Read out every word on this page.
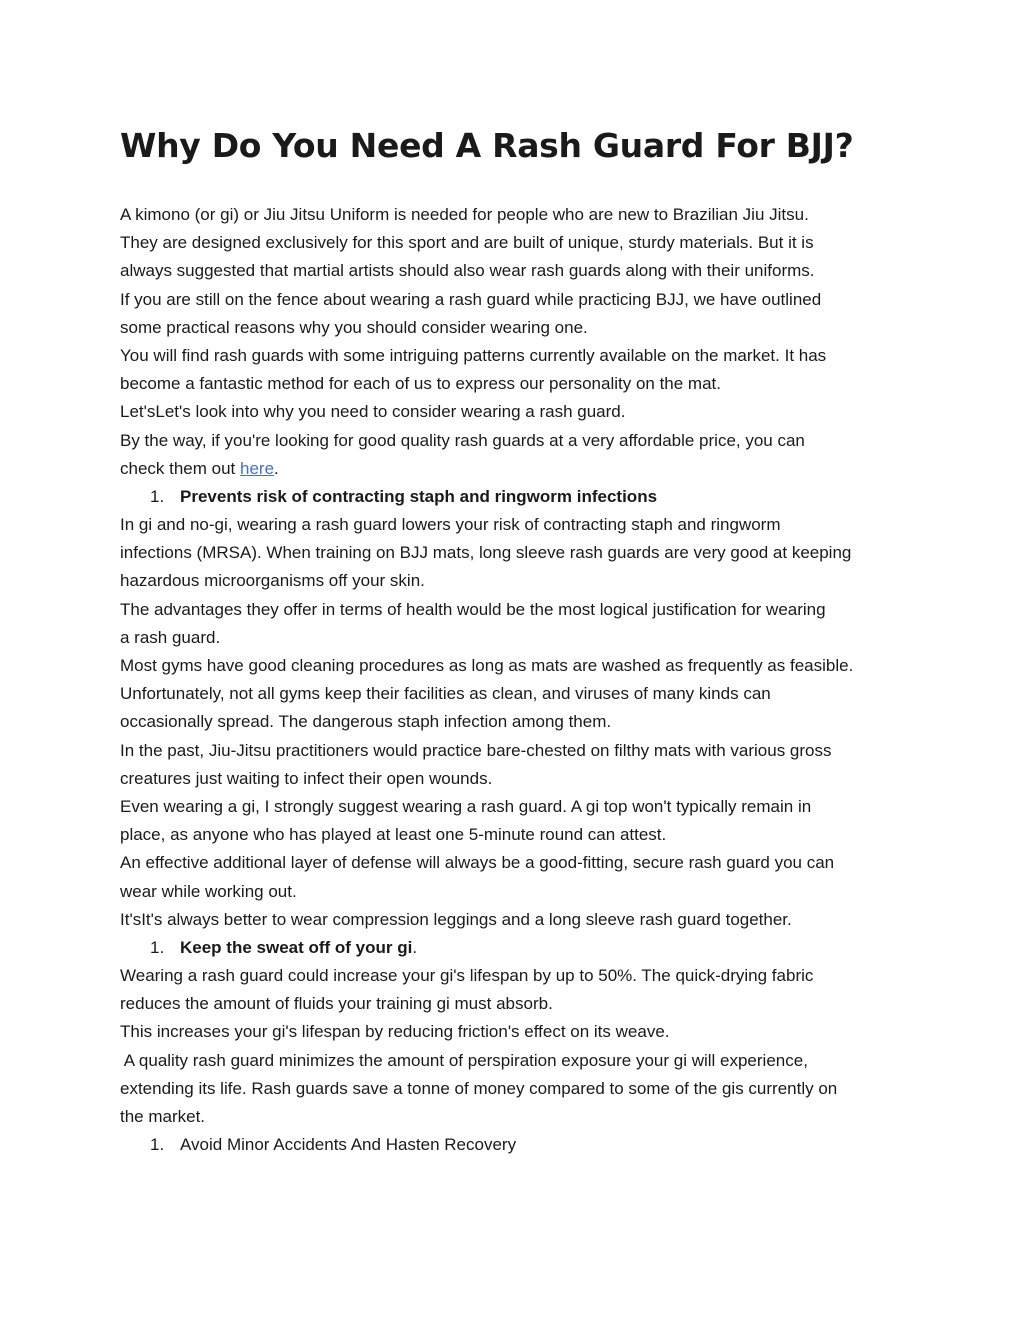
Why Do You Need A Rash Guard For BJJ?
A kimono (or gi) or Jiu Jitsu Uniform is needed for people who are new to Brazilian Jiu Jitsu.
They are designed exclusively for this sport and are built of unique, sturdy materials. But it is
always suggested that martial artists should also wear rash guards along with their uniforms.
If you are still on the fence about wearing a rash guard while practicing BJJ, we have outlined
some practical reasons why you should consider wearing one.
You will find rash guards with some intriguing patterns currently available on the market. It has
become a fantastic method for each of us to express our personality on the mat.
Let'sLet's look into why you need to consider wearing a rash guard.
By the way, if you're looking for good quality rash guards at a very affordable price, you can
check them out here.
1. Prevents risk of contracting staph and ringworm infections
In gi and no-gi, wearing a rash guard lowers your risk of contracting staph and ringworm
infections (MRSA). When training on BJJ mats, long sleeve rash guards are very good at keeping
hazardous microorganisms off your skin.
The advantages they offer in terms of health would be the most logical justification for wearing
a rash guard.
Most gyms have good cleaning procedures as long as mats are washed as frequently as feasible.
Unfortunately, not all gyms keep their facilities as clean, and viruses of many kinds can
occasionally spread. The dangerous staph infection among them.
In the past, Jiu-Jitsu practitioners would practice bare-chested on filthy mats with various gross
creatures just waiting to infect their open wounds.
Even wearing a gi, I strongly suggest wearing a rash guard. A gi top won't typically remain in
place, as anyone who has played at least one 5-minute round can attest.
An effective additional layer of defense will always be a good-fitting, secure rash guard you can
wear while working out.
It'sIt's always better to wear compression leggings and a long sleeve rash guard together.
1. Keep the sweat off of your gi.
Wearing a rash guard could increase your gi's lifespan by up to 50%. The quick-drying fabric
reduces the amount of fluids your training gi must absorb.
This increases your gi's lifespan by reducing friction's effect on its weave.
A quality rash guard minimizes the amount of perspiration exposure your gi will experience,
extending its life. Rash guards save a tonne of money compared to some of the gis currently on
the market.
1. Avoid Minor Accidents And Hasten Recovery
